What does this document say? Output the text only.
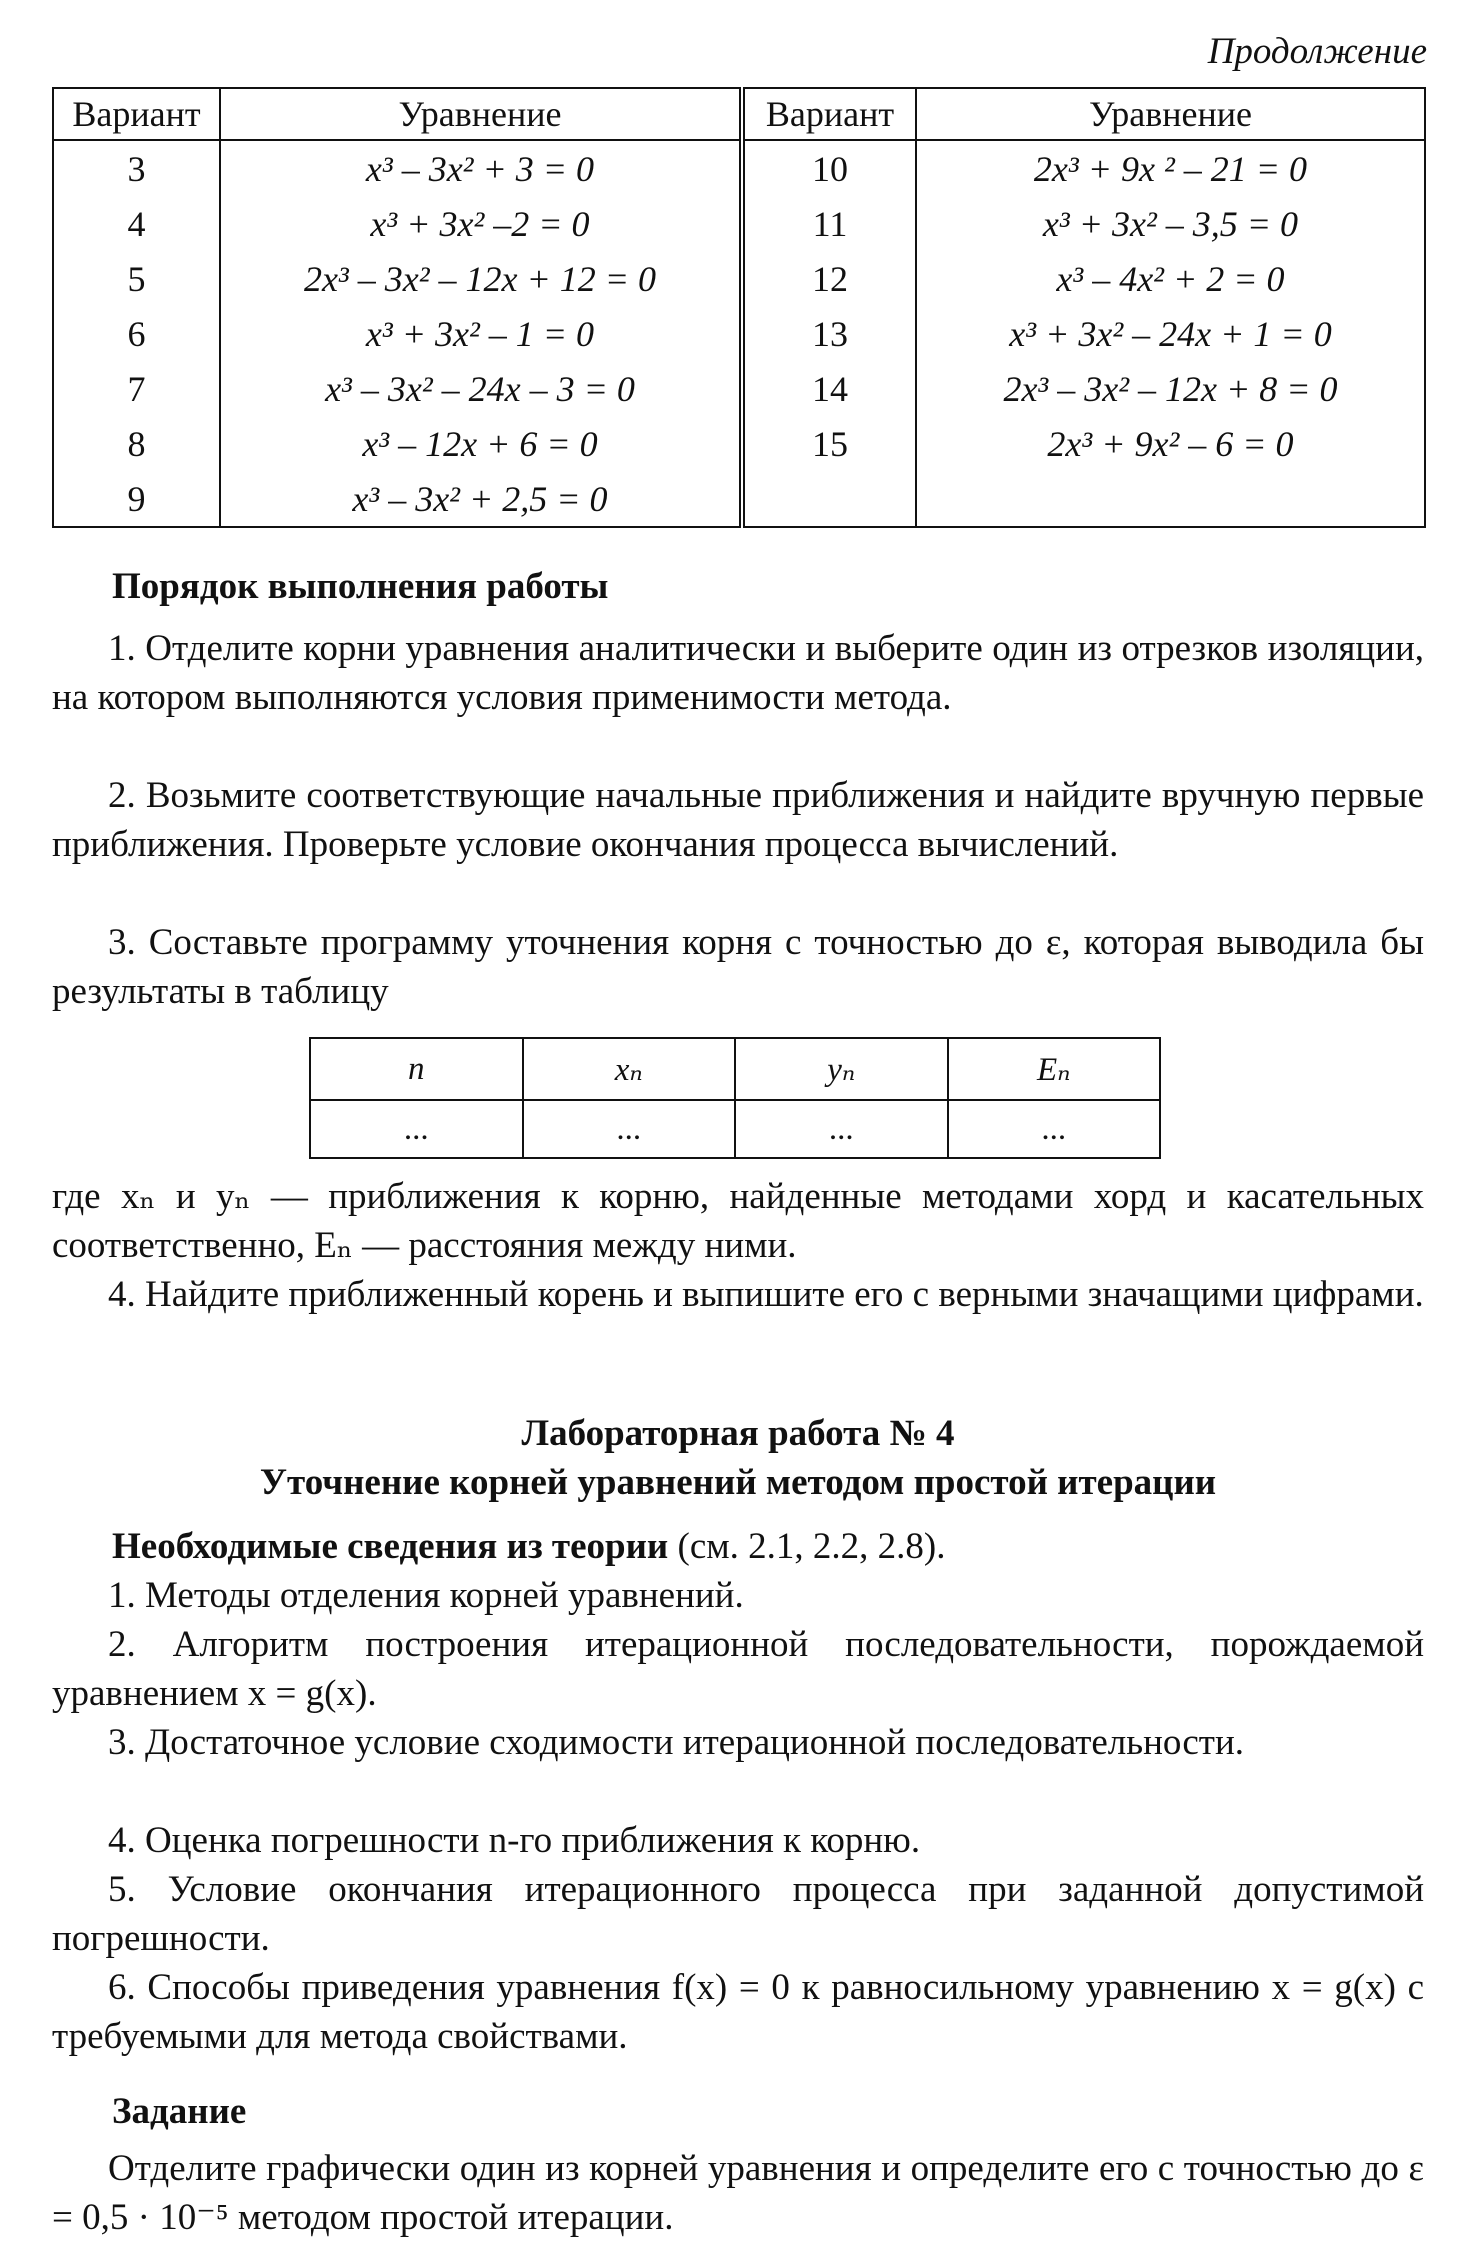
Продолжение
Вариант	Уравнение	Вариант	Уравнение
3	x³ – 3x² + 3 = 0	10	2x³ + 9x ² – 21 = 0
4	x³ + 3x² –2 = 0	11	x³ + 3x² – 3,5 = 0
5	2x³ – 3x² – 12x + 12 = 0	12	x³ – 4x² + 2 = 0
6	x³ + 3x² – 1 = 0	13	x³ + 3x² – 24x + 1 = 0
7	x³ – 3x² – 24x – 3 = 0	14	2x³ – 3x² – 12x + 8 = 0
8	x³ – 12x + 6 = 0	15	2x³ + 9x² – 6 = 0
9	x³ – 3x² + 2,5 = 0		
Порядок выполнения работы
1. Отделите корни уравнения аналитически и выберите один из отрезков изоляции, на котором выполняются условия применимости метода.
2. Возьмите соответствующие начальные приближения и найдите вручную первые приближения. Проверьте условие окончания процесса вычислений.
3. Составьте программу уточнения корня с точностью до ε, которая выводила бы результаты в таблицу
n	xₙ	yₙ	Eₙ
...	...	...	...
где xₙ и yₙ — приближения к корню, найденные методами хорд и касательных соответственно, Eₙ — расстояния между ними.
4. Найдите приближенный корень и выпишите его с верными значащими цифрами.
Лабораторная работа № 4
Уточнение корней уравнений методом простой итерации
Необходимые сведения из теории (см. 2.1, 2.2, 2.8).
1. Методы отделения корней уравнений.
2. Алгоритм построения итерационной последовательности, порождаемой уравнением x = g(x).
3. Достаточное условие сходимости итерационной последовательности.
4. Оценка погрешности n-го приближения к корню.
5. Условие окончания итерационного процесса при заданной допустимой погрешности.
6. Способы приведения уравнения f(x) = 0 к равносильному уравнению x = g(x) с требуемыми для метода свойствами.
Задание
Отделите графически один из корней уравнения и определите его с точностью до ε = 0,5 · 10⁻⁵ методом простой итерации.
